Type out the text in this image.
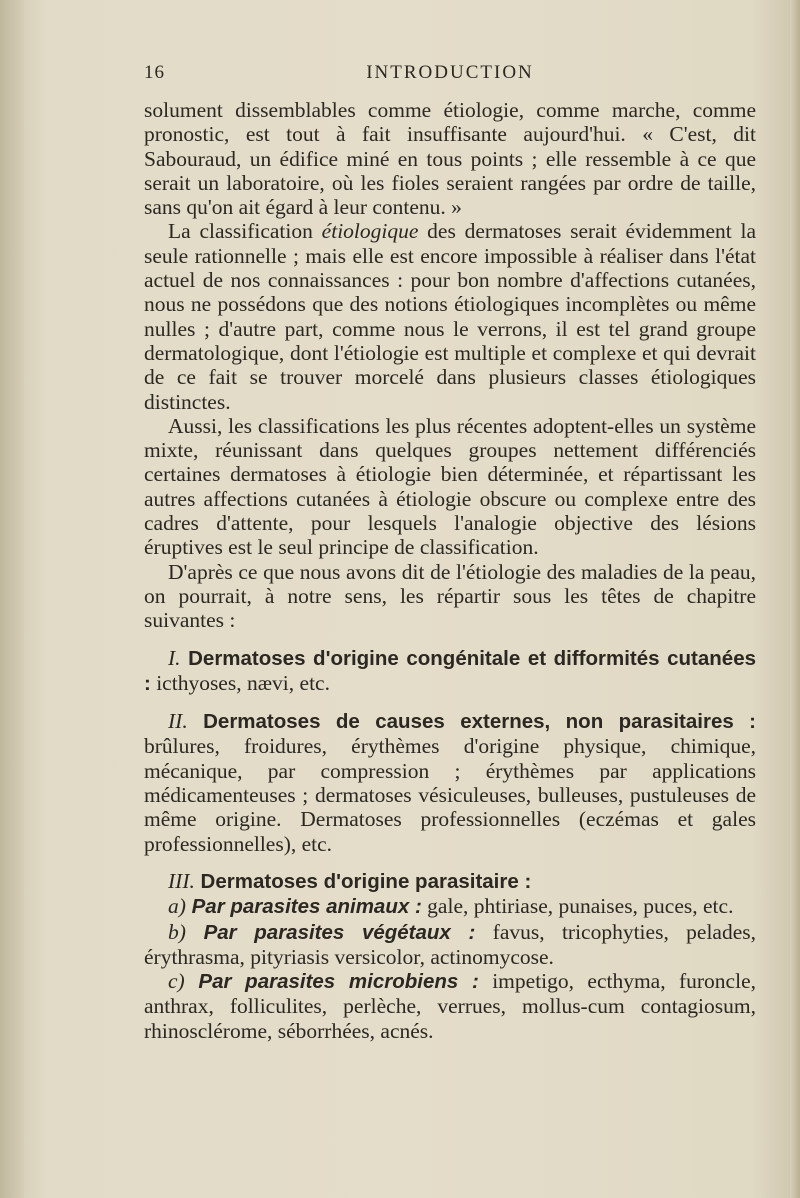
16	INTRODUCTION

solument dissemblables comme étiologie, comme marche, comme pronostic, est tout à fait insuffisante aujourd'hui. « C'est, dit Sabouraud, un édifice miné en tous points ; elle ressemble à ce que serait un laboratoire, où les fioles seraient rangées par ordre de taille, sans qu'on ait égard à leur contenu. »

La classification étiologique des dermatoses serait évidemment la seule rationnelle ; mais elle est encore impossible à réaliser dans l'état actuel de nos connaissances : pour bon nombre d'affections cutanées, nous ne possédons que des notions étiologiques incomplètes ou même nulles ; d'autre part, comme nous le verrons, il est tel grand groupe dermatologique, dont l'étiologie est multiple et complexe et qui devrait de ce fait se trouver morcelé dans plusieurs classes étiologiques distinctes.

Aussi, les classifications les plus récentes adoptent-elles un système mixte, réunissant dans quelques groupes nettement différenciés certaines dermatoses à étiologie bien déterminée, et répartissant les autres affections cutanées à étiologie obscure ou complexe entre des cadres d'attente, pour lesquels l'analogie objective des lésions éruptives est le seul principe de classification.

D'après ce que nous avons dit de l'étiologie des maladies de la peau, on pourrait, à notre sens, les répartir sous les têtes de chapitre suivantes :

I. Dermatoses d'origine congénitale et difformités cutanées : icthyoses, nævi, etc.

II. Dermatoses de causes externes, non parasitaires : brûlures, froidures, érythèmes d'origine physique, chimique, mécanique, par compression ; érythèmes par applications médicamenteuses ; dermatoses vésiculeuses, bulleuses, pustuleuses de même origine. Dermatoses professionnelles (eczémas et gales professionnelles), etc.

III. Dermatoses d'origine parasitaire :

a) Par parasites animaux : gale, phtiriase, punaises, puces, etc.

b) Par parasites végétaux : favus, tricophyties, pelades, érythrasma, pityriasis versicolor, actinomycose.

c) Par parasites microbiens : impetigo, ecthyma, furoncle, anthrax, folliculites, perlèche, verrues, mollus-cum contagiosum, rhinosclérome, séborrhées, acnés.
